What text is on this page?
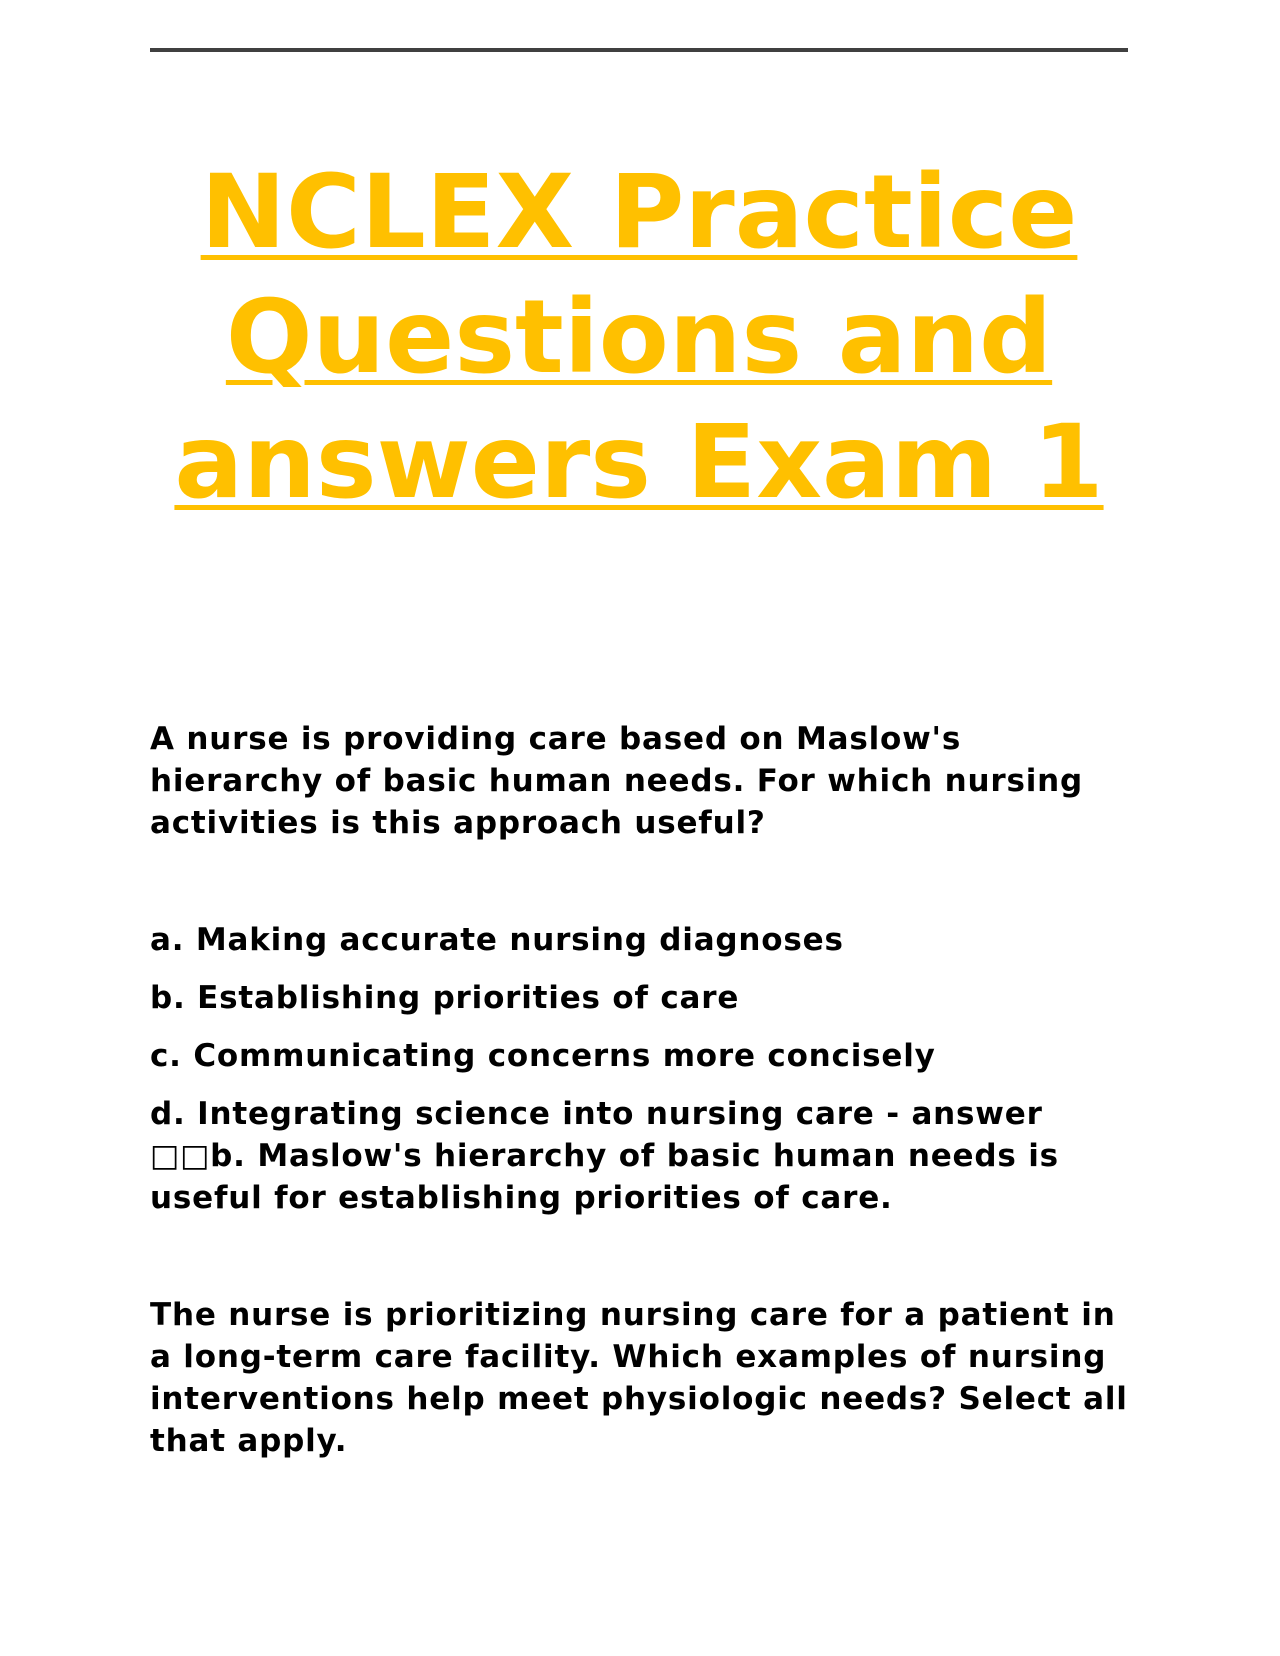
NCLEX Practice Questions and answers Exam 1

A nurse is providing care based on Maslow's hierarchy of basic human needs. For which nursing activities is this approach useful?

a. Making accurate nursing diagnoses

b. Establishing priorities of care

c. Communicating concerns more concisely

d. Integrating science into nursing care - answer □□b. Maslow's hierarchy of basic human needs is useful for establishing priorities of care.

The nurse is prioritizing nursing care for a patient in a long-term care facility. Which examples of nursing interventions help meet physiologic needs? Select all that apply.
